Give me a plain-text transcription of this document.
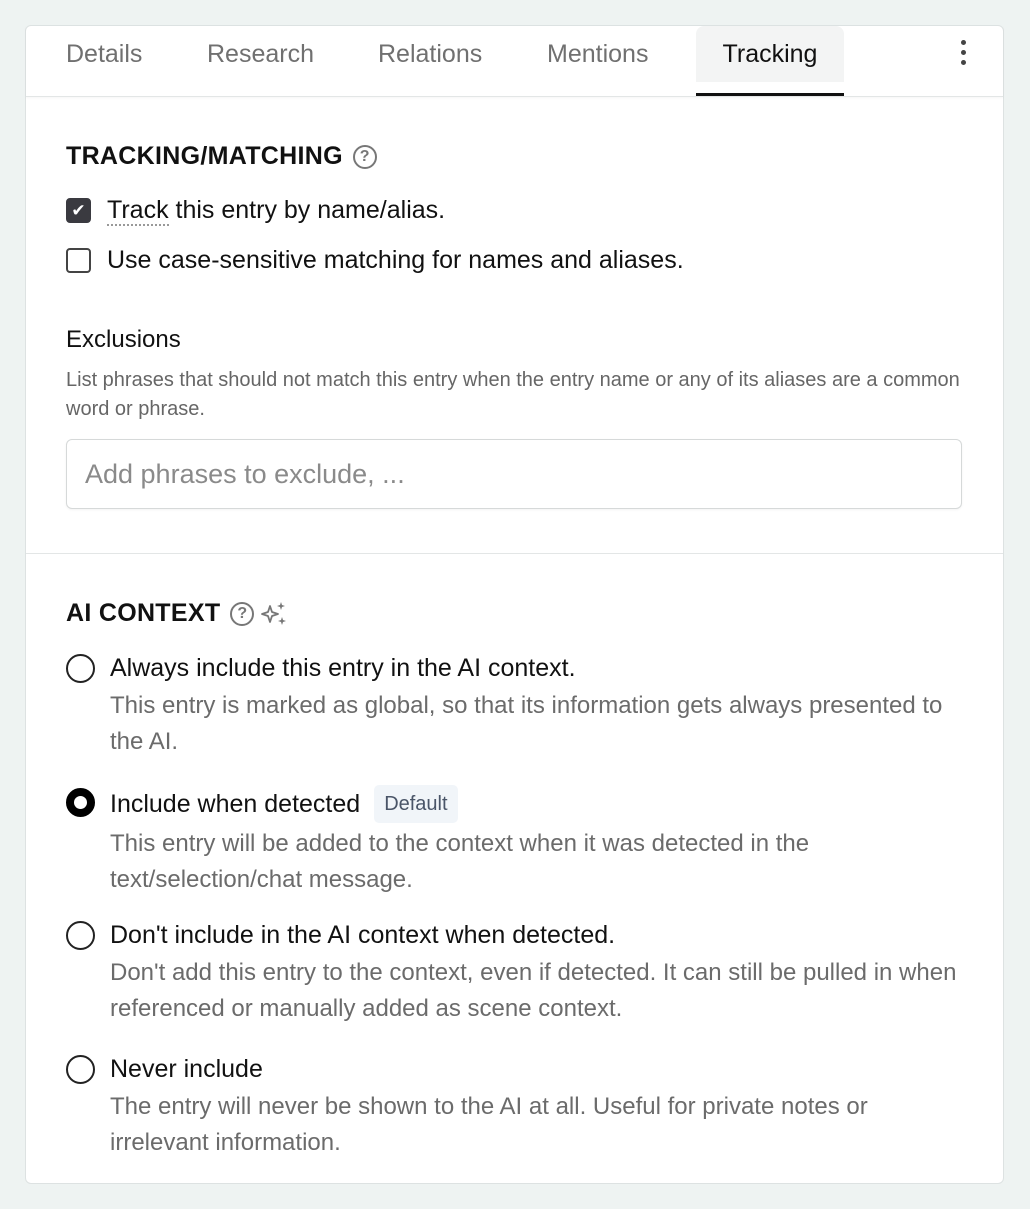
Details	Research	Relations	Mentions	Tracking
TRACKING/MATCHING	?
✔ Track this entry by name/alias.
Use case-sensitive matching for names and aliases.
Exclusions
List phrases that should not match this entry when the entry name or any of its aliases are a common word or phrase.
Add phrases to exclude, ...
AI CONTEXT	?
Always include this entry in the AI context.
This entry is marked as global, so that its information gets always presented to the AI.
Include when detected	Default
This entry will be added to the context when it was detected in the text/selection/chat message.
Don't include in the AI context when detected.
Don't add this entry to the context, even if detected. It can still be pulled in when referenced or manually added as scene context.
Never include
The entry will never be shown to the AI at all. Useful for private notes or irrelevant information.
